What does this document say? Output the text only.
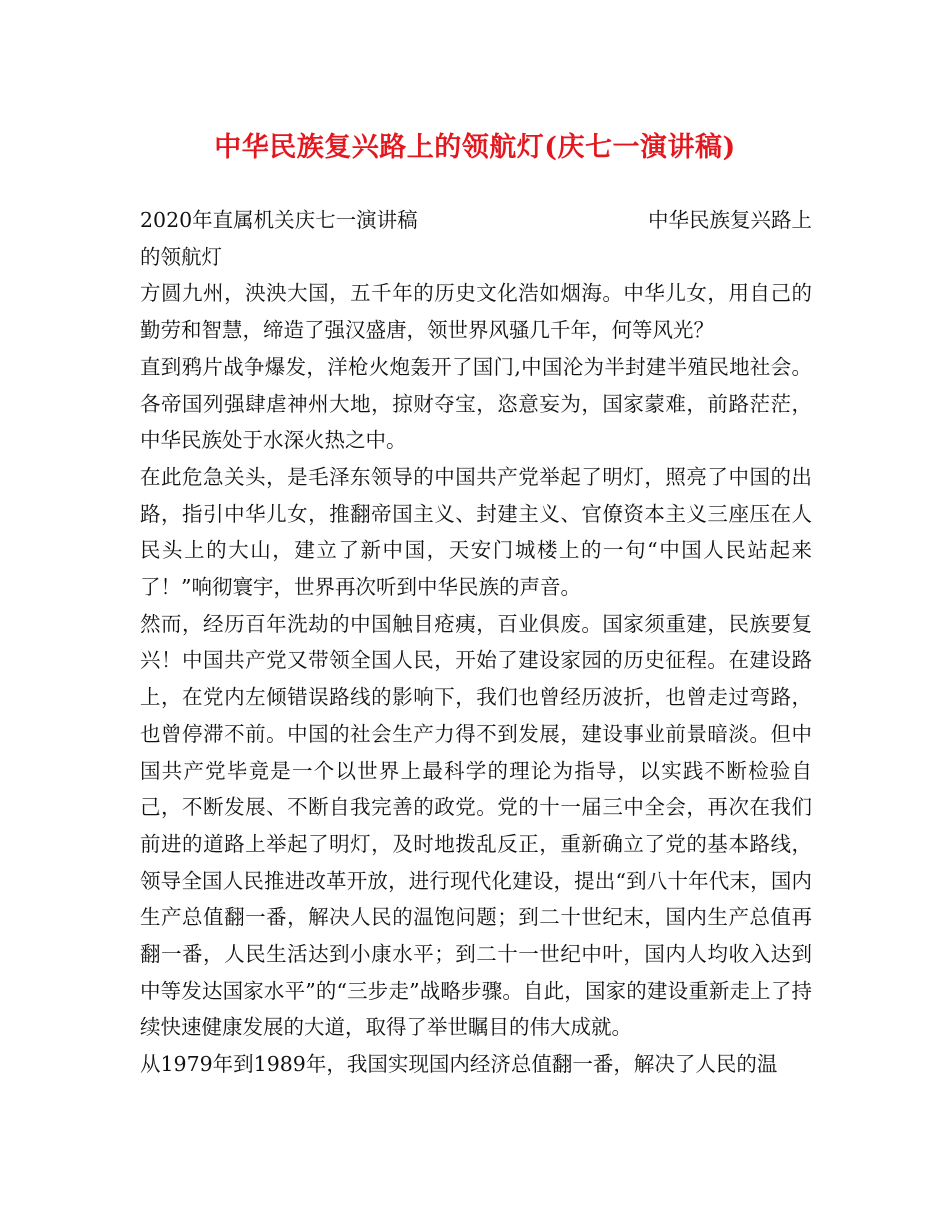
中华民族复兴路上的领航灯(庆七一演讲稿)
2020年直属机关庆七一演讲稿	中华民族复兴路上

的领航灯

方圆九州，泱泱大国，五千年的历史文化浩如烟海。中华儿女，用自己的勤劳和智慧，缔造了强汉盛唐，领世界风骚几千年，何等风光？

直到鸦片战争爆发，洋枪火炮轰开了国门,中国沦为半封建半殖民地社会。各帝国列强肆虐神州大地，掠财夺宝，恣意妄为，国家蒙难，前路茫茫，中华民族处于水深火热之中。

在此危急关头，是毛泽东领导的中国共产党举起了明灯，照亮了中国的出路，指引中华儿女，推翻帝国主义、封建主义、官僚资本主义三座压在人民头上的大山，建立了新中国，天安门城楼上的一句“中国人民站起来了！”响彻寰宇，世界再次听到中华民族的声音。

然而，经历百年洗劫的中国触目疮痍，百业俱废。国家须重建，民族要复兴！中国共产党又带领全国人民，开始了建设家园的历史征程。在建设路上，在党内左倾错误路线的影响下，我们也曾经历波折，也曾走过弯路，也曾停滞不前。中国的社会生产力得不到发展，建设事业前景暗淡。但中国共产党毕竟是一个以世界上最科学的理论为指导，以实践不断检验自己，不断发展、不断自我完善的政党。党的十一届三中全会，再次在我们前进的道路上举起了明灯，及时地拨乱反正，重新确立了党的基本路线，领导全国人民推进改革开放，进行现代化建设，提出“到八十年代末，国内生产总值翻一番，解决人民的温饱问题；到二十世纪末，国内生产总值再翻一番，人民生活达到小康水平；到二十一世纪中叶，国内人均收入达到中等发达国家水平”的“三步走”战略步骤。自此，国家的建设重新走上了持续快速健康发展的大道，取得了举世瞩目的伟大成就。

从1979年到1989年，我国实现国内经济总值翻一番，解决了人民的温
